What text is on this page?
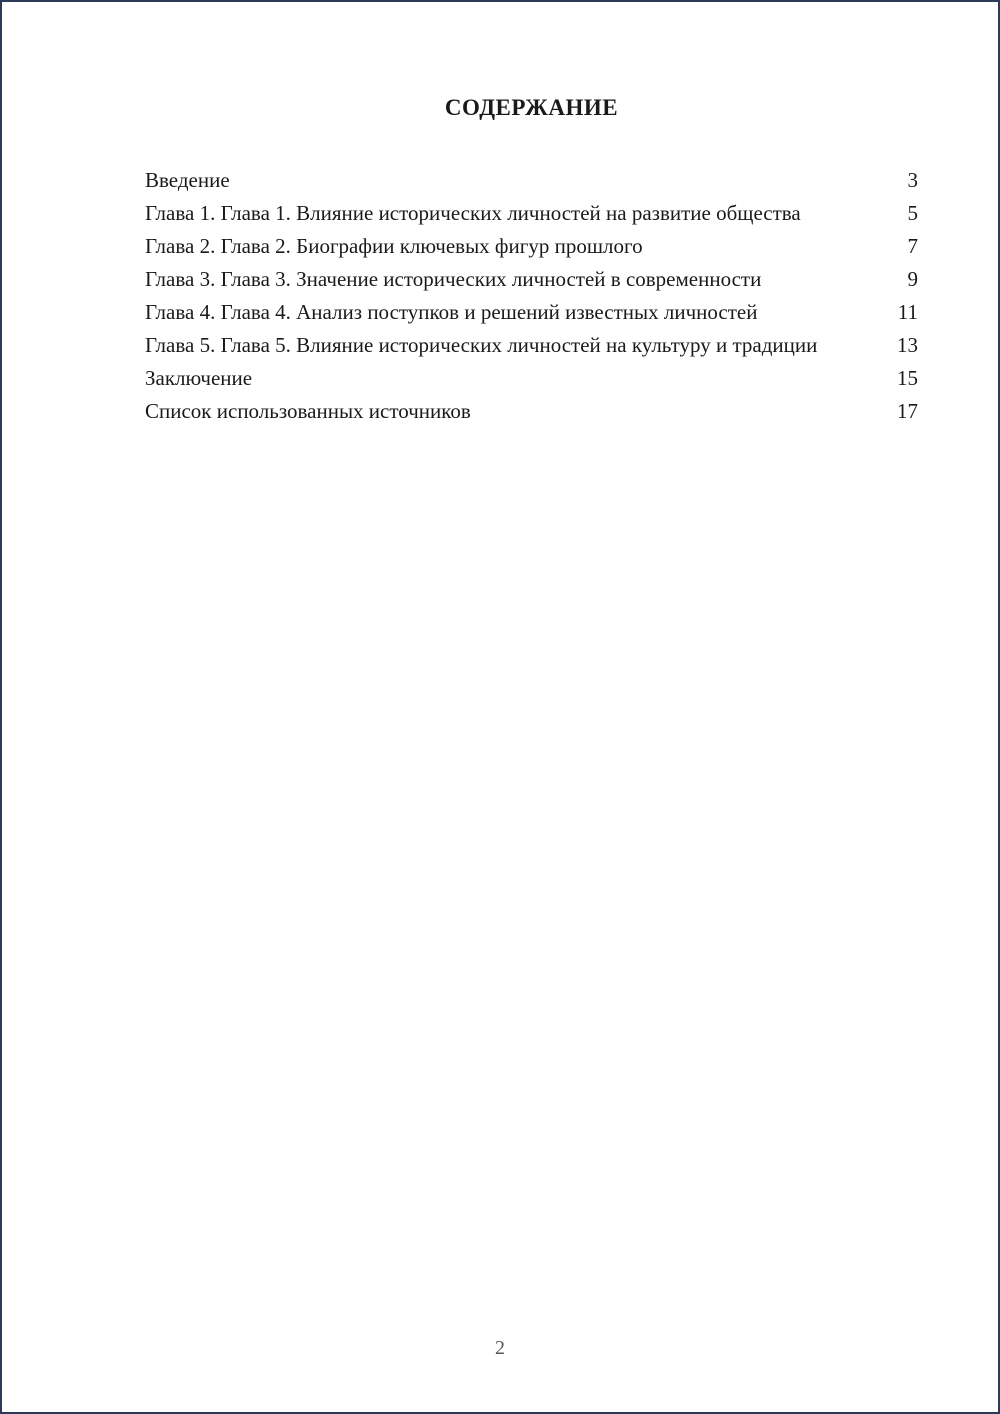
СОДЕРЖАНИЕ
Введение	3
Глава 1. Глава 1. Влияние исторических личностей на развитие общества	5
Глава 2. Глава 2. Биографии ключевых фигур прошлого	7
Глава 3. Глава 3. Значение исторических личностей в современности	9
Глава 4. Глава 4. Анализ поступков и решений известных личностей	11
Глава 5. Глава 5. Влияние исторических личностей на культуру и традиции	13
Заключение	15
Список использованных источников	17
2
